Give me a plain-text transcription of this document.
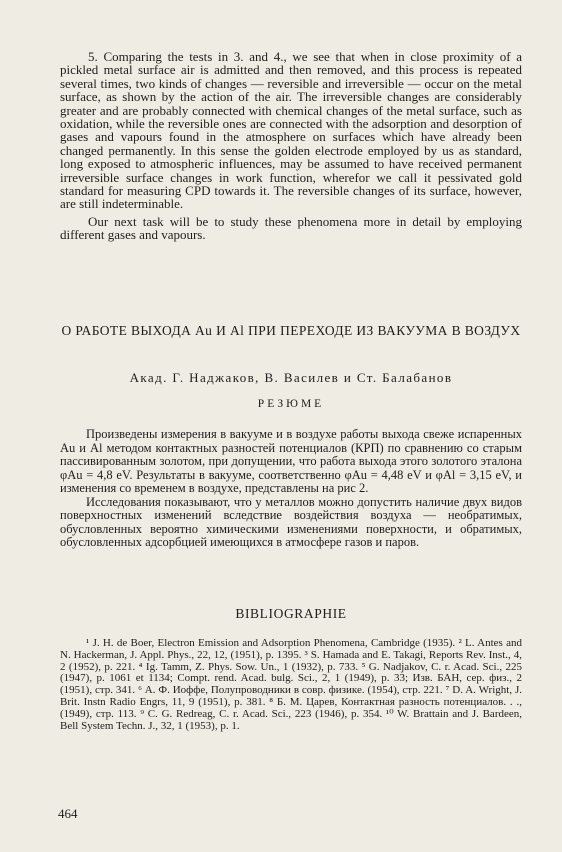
5. Comparing the tests in 3. and 4., we see that when in close proximity of a pickled metal surface air is admitted and then removed, and this process is repeated several times, two kinds of changes — reversible and irreversible — occur on the metal surface, as shown by the action of the air. The irreversible changes are considerably greater and are probably connected with chemical changes of the metal surface, such as oxidation, while the reversible ones are connected with the adsorption and desorption of gases and vapours found in the atmosphere on surfaces which have already been changed permanently. In this sense the golden electrode employed by us as standard, long exposed to atmospheric influences, may be assumed to have received permanent irreversible surface changes in work function, wherefor we call it pessivated gold standard for measuring CPD towards it. The reversible changes of its surface, however, are still indeterminable.

Our next task will be to study these phenomena more in detail by employing different gases and vapours.

О РАБОТЕ ВЫХОДА Au И Al ПРИ ПЕРЕХОДЕ ИЗ ВАКУУМА В ВОЗДУХ
Акад. Г. Наджаков, В. Василев и Ст. Балабанов
РЕЗЮМЕ

Произведены измерения в вакууме и в воздухе работы выхода свеже испаренных Au и Al методом контактных разностей потенциалов (КРП) по сравнению со старым пассивированным золотом, при допущении, что работа выхода этого золотого эталона φAu = 4,8 eV. Результаты в вакууме, соответственно φAu = 4,48 eV и φAl = 3,15 eV, и изменения со временем в воздухе, представлены на рис 2.

Исследования показывают, что у металлов можно допустить наличие двух видов поверхностных изменений вследствие воздействия воздуха — необратимых, обусловленных вероятно химическими изменениями поверхности, и обратимых, обусловленных адсорбцией имеющихся в атмосфере газов и паров.

BIBLIOGRAPHIE

¹ J. H. de Boer, Electron Emission and Adsorption Phenomena, Cambridge (1935). ² L. Antes and N. Hackerman, J. Appl. Phys., 22, 12, (1951), p. 1395. ³ S. Hamada and E. Takagi, Reports Rev. Inst., 4, 2 (1952), p. 221. ⁴ Ig. Tamm, Z. Phys. Sow. Un., 1 (1932), p. 733. ⁵ G. Nadjakov, C. r. Acad. Sci., 225 (1947), p. 1061 et 1134; Compt. rend. Acad. bulg. Sci., 2, 1 (1949), p. 33; Изв. БАН, сер. физ., 2 (1951), стр. 341. ⁶ А. Ф. Иоффе, Полупроводники в совр. физике. (1954), стр. 221. ⁷ D. A. Wright, J. Brit. Instn Radio Engrs, 11, 9 (1951), p. 381. ⁸ Б. М. Царев, Контактная разность потенциалов. . ., (1949), стр. 113. ⁹ C. G. Redreag, C. r. Acad. Sci., 223 (1946), p. 354. ¹⁰ W. Brattain and J. Bardeen, Bell System Techn. J., 32, 1 (1953), p. 1.

464
